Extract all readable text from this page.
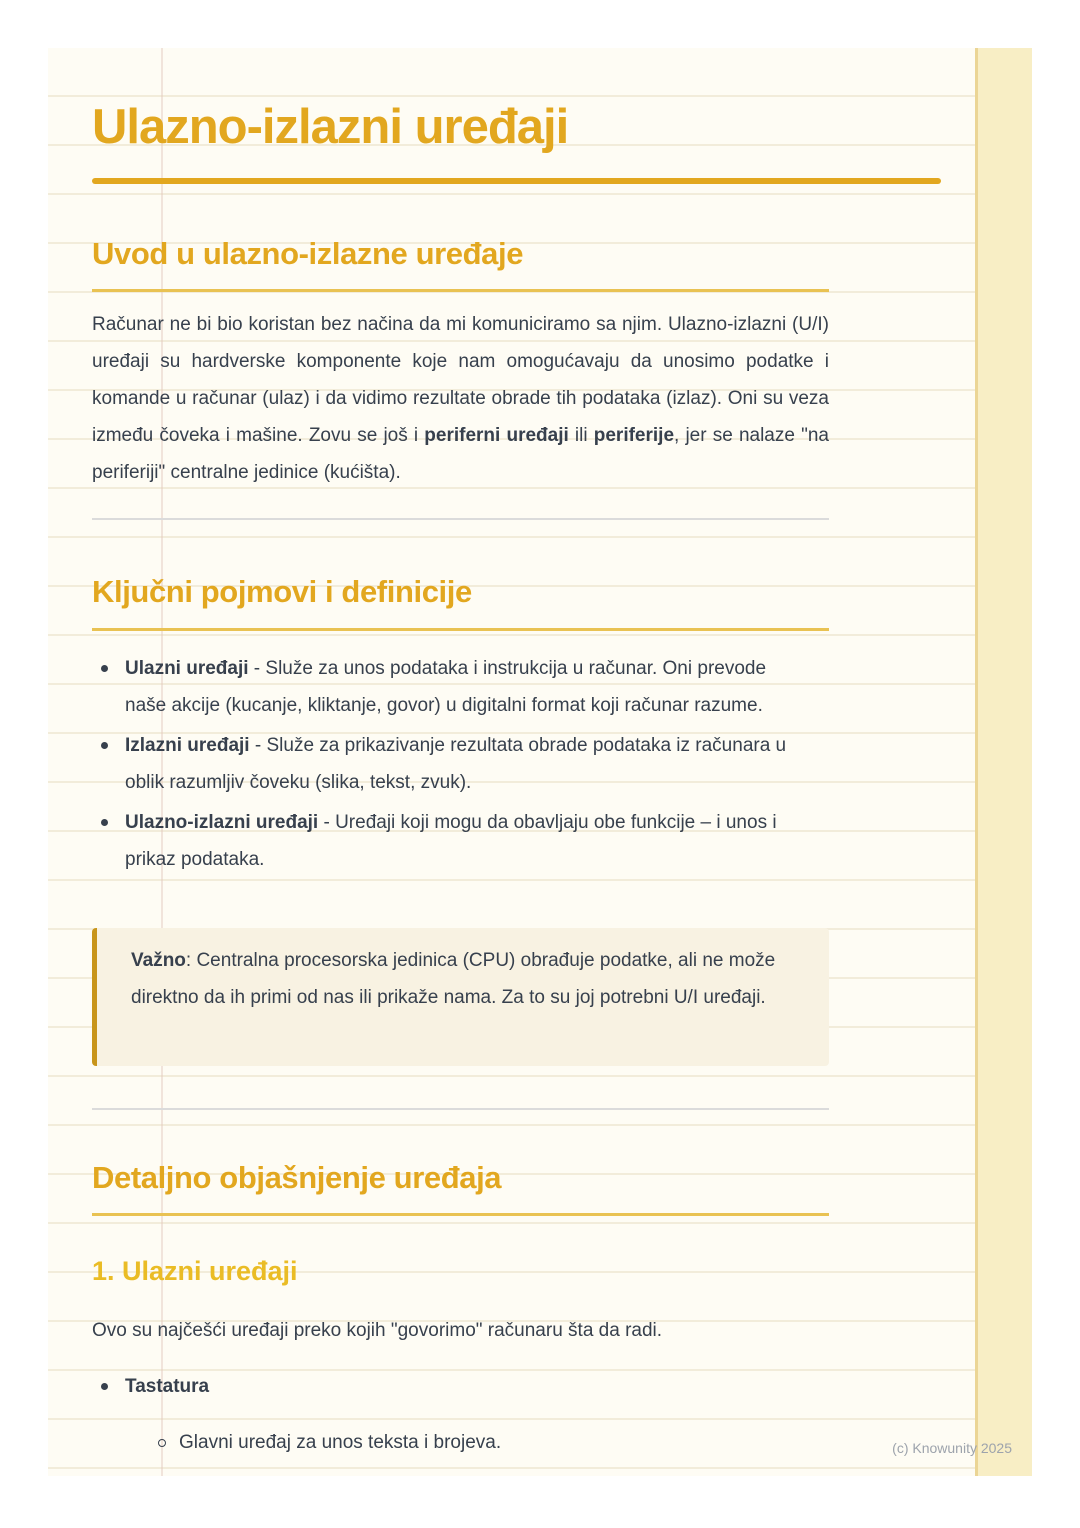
Ulazno-izlazni uređaji
Uvod u ulazno-izlazne uređaje

Računar ne bi bio koristan bez načina da mi komuniciramo sa njim. Ulazno-izlazni (U/I) uređaji su hardverske komponente koje nam omogućavaju da unosimo podatke i komande u računar (ulaz) i da vidimo rezultate obrade tih podataka (izlaz). Oni su veza između čoveka i mašine. Zovu se još i periferni uređaji ili periferije, jer se nalaze "na periferiji" centralne jedinice (kućišta).

Ključni pojmovi i definicije
Ulazni uređaji - Služe za unos podataka i instrukcija u računar. Oni prevode naše akcije (kucanje, kliktanje, govor) u digitalni format koji računar razume.
Izlazni uređaji - Služe za prikazivanje rezultata obrade podataka iz računara u oblik razumljiv čoveku (slika, tekst, zvuk).
Ulazno-izlazni uređaji - Uređaji koji mogu da obavljaju obe funkcije – i unos i prikaz podataka.

Važno: Centralna procesorska jedinica (CPU) obrađuje podatke, ali ne može direktno da ih primi od nas ili prikaže nama. Za to su joj potrebni U/I uređaji.

Detaljno objašnjenje uređaja
1. Ulazni uređaji

Ovo su najčešći uređaji preko kojih "govorimo" računaru šta da radi.

Tastatura
Glavni uređaj za unos teksta i brojeva.	(c) Knowunity 2025
